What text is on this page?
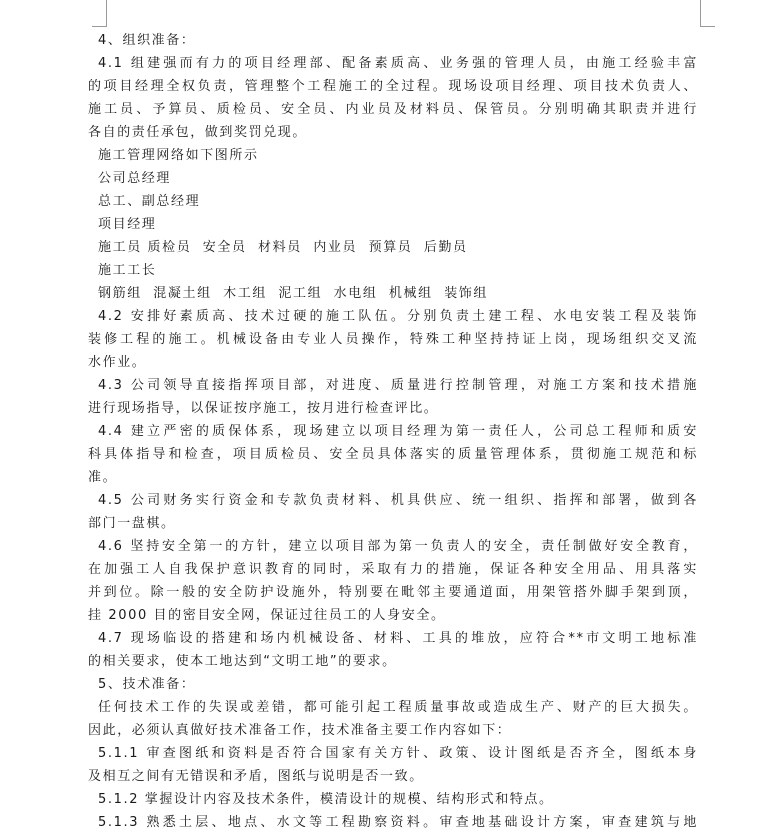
4、组织准备：
4.1 组建强而有力的项目经理部、配备素质高、业务强的管理人员，由施工经验丰富
的项目经理全权负责，管理整个工程施工的全过程。现场设项目经理、项目技术负责人、
施工员、予算员、质检员、安全员、内业员及材料员、保管员。分别明确其职责并进行
各自的责任承包，做到奖罚兑现。
施工管理网络如下图所示
公司总经理
总工、副总经理
项目经理
施工员 质检员  安全员  材料员  内业员  预算员  后勤员
施工工长
钢筋组  混凝土组  木工组  泥工组  水电组  机械组  装饰组
4.2 安排好素质高、技术过硬的施工队伍。分别负责土建工程、水电安装工程及装饰
装修工程的施工。机械设备由专业人员操作，特殊工种坚持持证上岗，现场组织交叉流
水作业。
4.3 公司领导直接指挥项目部，对进度、质量进行控制管理，对施工方案和技术措施
进行现场指导，以保证按序施工，按月进行检查评比。
4.4 建立严密的质保体系，现场建立以项目经理为第一责任人，公司总工程师和质安
科具体指导和检查，项目质检员、安全员具体落实的质量管理体系，贯彻施工规范和标
准。
4.5 公司财务实行资金和专款负责材料、机具供应、统一组织、指挥和部署，做到各
部门一盘棋。
4.6 坚持安全第一的方针，建立以项目部为第一负责人的安全，责任制做好安全教育，
在加强工人自我保护意识教育的同时，采取有力的措施，保证各种安全用品、用具落实
并到位。除一般的安全防护设施外，特别要在毗邻主要通道面，用架管搭外脚手架到顶，
挂 2000 目的密目安全网，保证过往员工的人身安全。
4.7 现场临设的搭建和场内机械设备、材料、工具的堆放，应符合**市文明工地标准
的相关要求，使本工地达到“文明工地”的要求。
5、技术准备：
任何技术工作的失误或差错，都可能引起工程质量事故或造成生产、财产的巨大损失。
因此，必须认真做好技术准备工作，技术准备主要工作内容如下：
5.1.1 审查图纸和资料是否符合国家有关方针、政策、设计图纸是否齐全，图纸本身
及相互之间有无错误和矛盾，图纸与说明是否一致。
5.1.2 掌握设计内容及技术条件，模清设计的规模、结构形式和特点。
5.1.3 熟悉土层、地点、水文等工程勘察资料。审查地基础设计方案，审查建筑与地
